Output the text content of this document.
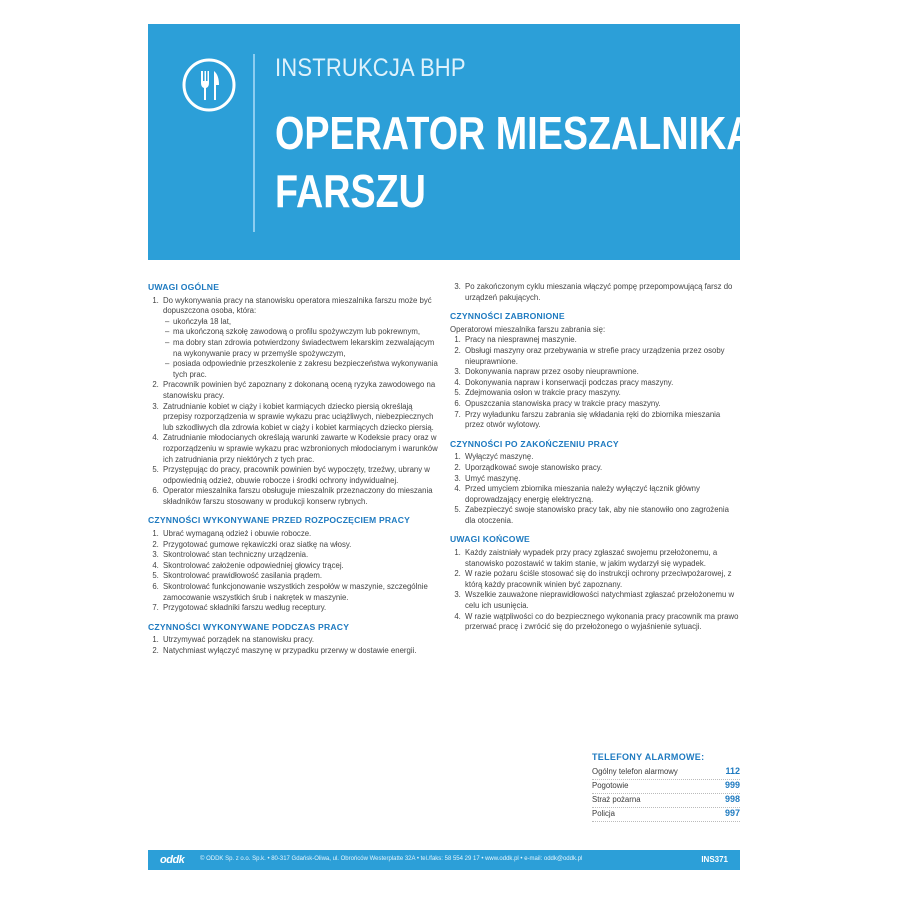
INSTRUKCJA BHP
OPERATOR MIESZALNIKA
FARSZU
UWAGI OGÓLNE
1. Do wykonywania pracy na stanowisku operatora mieszalnika farszu może być dopuszczona osoba, która:
– ukończyła 18 lat,
– ma ukończoną szkołę zawodową o profilu spożywczym lub pokrewnym,
– ma dobry stan zdrowia potwierdzony świadectwem lekarskim zezwalającym na wykonywanie pracy w przemyśle spożywczym,
– posiada odpowiednie przeszkolenie z zakresu bezpieczeństwa wykonywania tych prac.
2. Pracownik powinien być zapoznany z dokonaną oceną ryzyka zawodowego na stanowisku pracy.
3. Zatrudnianie kobiet w ciąży i kobiet karmiących dziecko piersią określają przepisy rozporządzenia w sprawie wykazu prac uciążliwych, niebezpiecznych lub szkodliwych dla zdrowia kobiet w ciąży i kobiet karmiących dziecko piersią.
4. Zatrudnianie młodocianych określają warunki zawarte w Kodeksie pracy oraz w rozporządzeniu w sprawie wykazu prac wzbronionych młodocianym i warunków ich zatrudniania przy niektórych z tych prac.
5. Przystępując do pracy, pracownik powinien być wypoczęty, trzeźwy, ubrany w odpowiednią odzież, obuwie robocze i środki ochrony indywidualnej.
6. Operator mieszalnika farszu obsługuje mieszalnik przeznaczony do mieszania składników farszu stosowany w produkcji konserw rybnych.
CZYNNOŚCI WYKONYWANE PRZED ROZPOCZĘCIEM PRACY
1. Ubrać wymaganą odzież i obuwie robocze.
2. Przygotować gumowe rękawiczki oraz siatkę na włosy.
3. Skontrolować stan techniczny urządzenia.
4. Skontrolować założenie odpowiedniej głowicy trącej.
5. Skontrolować prawidłowość zasilania prądem.
6. Skontrolować funkcjonowanie wszystkich zespołów w maszynie, szczególnie zamocowanie wszystkich śrub i nakrętek w maszynie.
7. Przygotować składniki farszu według receptury.
CZYNNOŚCI WYKONYWANE PODCZAS PRACY
1. Utrzymywać porządek na stanowisku pracy.
2. Natychmiast wyłączyć maszynę w przypadku przerwy w dostawie energii.
3. Po zakończonym cyklu mieszania włączyć pompę przepompowującą farsz do urządzeń pakujących.
CZYNNOŚCI ZABRONIONE

Operatorowi mieszalnika farszu zabrania się:

1. Pracy na niesprawnej maszynie.
2. Obsługi maszyny oraz przebywania w strefie pracy urządzenia przez osoby nieuprawnione.
3. Dokonywania napraw przez osoby nieuprawnione.
4. Dokonywania napraw i konserwacji podczas pracy maszyny.
5. Zdejmowania osłon w trakcie pracy maszyny.
6. Opuszczania stanowiska pracy w trakcie pracy maszyny.
7. Przy wyładunku farszu zabrania się wkładania ręki do zbiornika mieszania przez otwór wylotowy.
CZYNNOŚCI PO ZAKOŃCZENIU PRACY
1. Wyłączyć maszynę.
2. Uporządkować swoje stanowisko pracy.
3. Umyć maszynę.
4. Przed umyciem zbiornika mieszania należy wyłączyć łącznik główny doprowadzający energię elektryczną.
5. Zabezpieczyć swoje stanowisko pracy tak, aby nie stanowiło ono zagrożenia dla otoczenia.
UWAGI KOŃCOWE
1. Każdy zaistniały wypadek przy pracy zgłaszać swojemu przełożonemu, a stanowisko pozostawić w takim stanie, w jakim wydarzył się wypadek.
2. W razie pożaru ściśle stosować się do instrukcji ochrony przeciwpożarowej, z którą każdy pracownik winien być zapoznany.
3. Wszelkie zauważone nieprawidłowości natychmiast zgłaszać przełożonemu w celu ich usunięcia.
4. W razie wątpliwości co do bezpiecznego wykonania pracy pracownik ma prawo przerwać pracę i zwrócić się do przełożonego o wyjaśnienie sytuacji.
TELEFONY ALARMOWE:
Ogólny telefon alarmowy	112
Pogotowie	999
Straż pożarna	998
Policja	997
oddk	© ODDK Sp. z o.o. Sp.k. • 80-317 Gdańsk-Oliwa, ul. Obrońców Westerplatte 32A • tel./faks: 58 554 29 17 • www.oddk.pl • e-mail: oddk@oddk.pl	INS371
